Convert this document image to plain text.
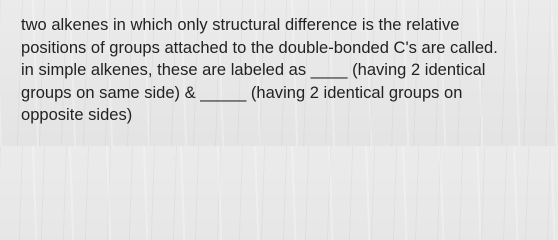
two alkenes in which only structural difference is the relative
positions of groups attached to the double-bonded C's are called.
in simple alkenes, these are labeled as ____ (having 2 identical
groups on same side) & _____ (having 2 identical groups on
opposite sides)
